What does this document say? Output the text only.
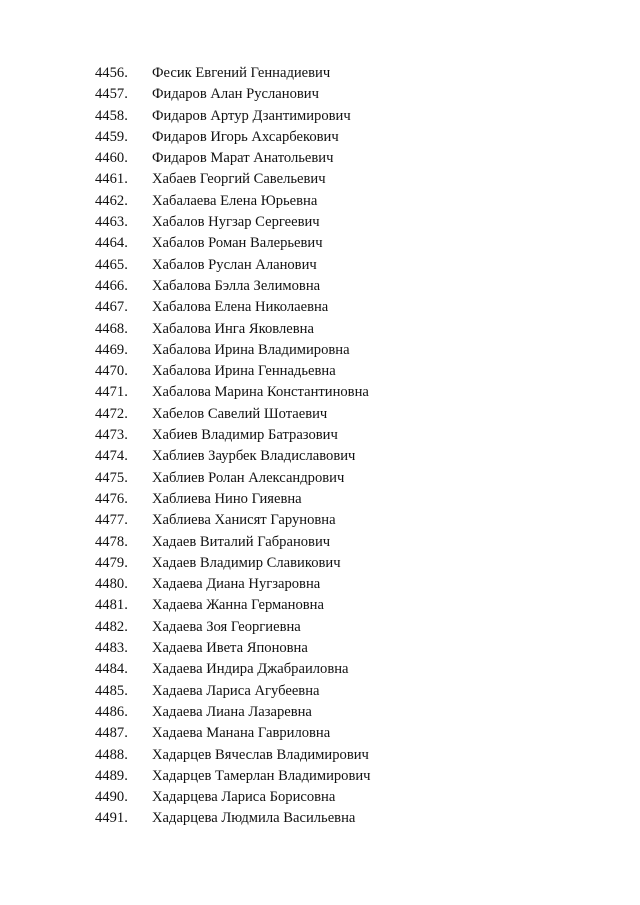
4456.	Фесик Евгений Геннадиевич
4457.	Фидаров Алан Русланович
4458.	Фидаров Артур Дзантимирович
4459.	Фидаров Игорь Ахсарбекович
4460.	Фидаров Марат Анатольевич
4461.	Хабаев Георгий Савельевич
4462.	Хабалаева Елена Юрьевна
4463.	Хабалов Нугзар Сергеевич
4464.	Хабалов Роман Валерьевич
4465.	Хабалов Руслан Аланович
4466.	Хабалова Бэлла Зелимовна
4467.	Хабалова Елена Николаевна
4468.	Хабалова Инга Яковлевна
4469.	Хабалова Ирина Владимировна
4470.	Хабалова Ирина Геннадьевна
4471.	Хабалова Марина Константиновна
4472.	Хабелов Савелий Шотаевич
4473.	Хабиев Владимир Батразович
4474.	Хаблиев Заурбек Владиславович
4475.	Хаблиев Ролан Александрович
4476.	Хаблиева Нино Гияевна
4477.	Хаблиева Ханисят Гаруновна
4478.	Хадаев Виталий Габранович
4479.	Хадаев Владимир Славикович
4480.	Хадаева Диана Нугзаровна
4481.	Хадаева Жанна Германовна
4482.	Хадаева Зоя Георгиевна
4483.	Хадаева Ивета Японовна
4484.	Хадаева Индира Джабраиловна
4485.	Хадаева Лариса Агубеевна
4486.	Хадаева Лиана Лазаревна
4487.	Хадаева Манана Гавриловна
4488.	Хадарцев Вячеслав Владимирович
4489.	Хадарцев Тамерлан Владимирович
4490.	Хадарцева Лариса Борисовна
4491.	Хадарцева Людмила Васильевна
